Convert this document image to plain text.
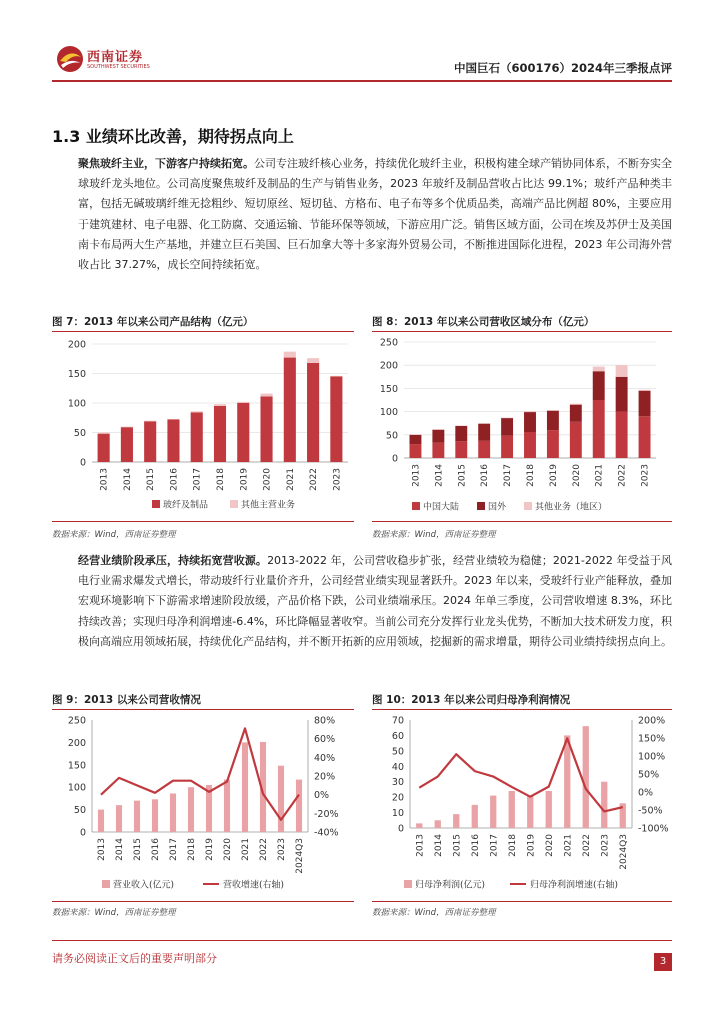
西南证券
SOUTHWEST SECURITIES	中国巨石（600176）2024年三季报点评
1.3 业绩环比改善，期待拐点向上
聚焦玻纤主业，下游客户持续拓宽。公司专注玻纤核心业务，持续优化玻纤主业，积极构建全球产销协同体系，不断夯实全球玻纤龙头地位。公司高度聚焦玻纤及制品的生产与销售业务，2023 年玻纤及制品营收占比达 99.1%；玻纤产品种类丰富，包括无碱玻璃纤维无捻粗纱、短切原丝、短切毡、方格布、电子布等多个优质品类，高端产品比例超 80%，主要应用于建筑建材、电子电器、化工防腐、交通运输、节能环保等领域，下游应用广泛。销售区域方面，公司在埃及苏伊士及美国南卡布局两大生产基地，并建立巨石美国、巨石加拿大等十多家海外贸易公司，不断推进国际化进程，2023 年公司海外营收占比 37.27%，成长空间持续拓宽。
图 7：2013 年以来公司产品结构（亿元）
0
50
100
150
200
2013 2014 2015 2016 2017 2018 2019 2020 2021 2022 2023
玻纤及制品	其他主营业务
数据来源：Wind，西南证券整理
图 8：2013 年以来公司营收区域分布（亿元）
0
50
100
150
200
250
2013 2014 2015 2016 2017 2018 2019 2020 2021 2022 2023
中国大陆	国外	其他业务（地区）
数据来源：Wind，西南证券整理
经营业绩阶段承压，持续拓宽营收源。2013-2022 年，公司营收稳步扩张，经营业绩较为稳健；2021-2022 年受益于风电行业需求爆发式增长，带动玻纤行业量价齐升，公司经营业绩实现显著跃升。2023 年以来，受玻纤行业产能释放，叠加宏观环境影响下下游需求增速阶段放缓，产品价格下跌，公司业绩端承压。2024 年单三季度，公司营收增速 8.3%，环比持续改善；实现归母净利润增速-6.4%，环比降幅显著收窄。当前公司充分发挥行业龙头优势，不断加大技术研发力度，积极向高端应用领域拓展，持续优化产品结构，并不断开拓新的应用领域，挖掘新的需求增量，期待公司业绩持续拐点向上。
图 9：2013 以来公司营收情况
0
50
100
150
200
250
-40%
-20%
0%
20%
40%
60%
80%
2013 2014 2015 2016 2017 2018 2019 2020 2021 2022 2023 2024Q3
营业收入(亿元)	营收增速(右轴)
数据来源：Wind，西南证券整理
图 10：2013 年以来公司归母净利润情况
0
10
20
30
40
50
60
70
-100%
-50%
0%
50%
100%
150%
200%
2013 2014 2015 2016 2017 2018 2019 2020 2021 2022 2023 2024Q3
归母净利润(亿元)	归母净利润增速(右轴)
数据来源：Wind，西南证券整理
请务必阅读正文后的重要声明部分	3
